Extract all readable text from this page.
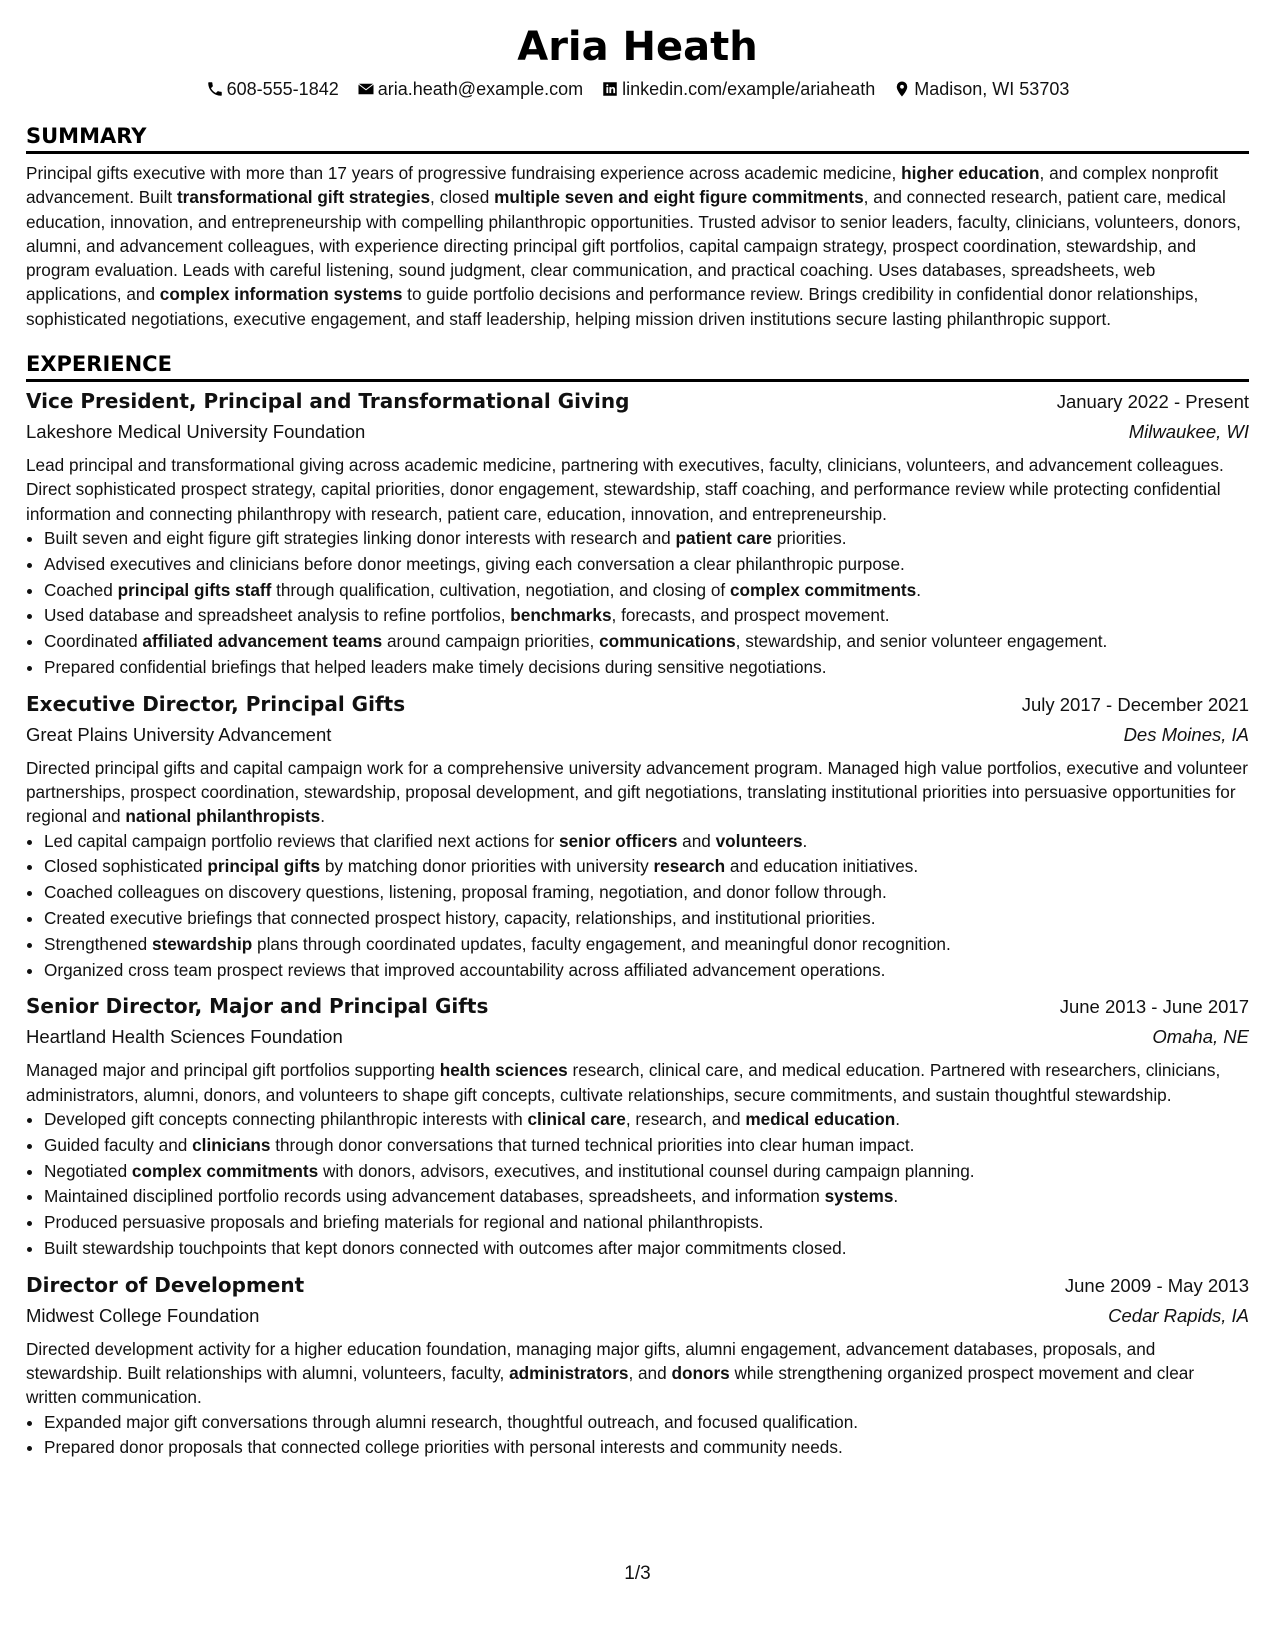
Aria Heath
608-555-1842 aria.heath@example.com linkedin.com/example/ariaheath Madison, WI 53703
SUMMARY

Principal gifts executive with more than 17 years of progressive fundraising experience across academic medicine, higher education, and complex nonprofit advancement. Built transformational gift strategies, closed multiple seven and eight figure commitments, and connected research, patient care, medical education, innovation, and entrepreneurship with compelling philanthropic opportunities. Trusted advisor to senior leaders, faculty, clinicians, volunteers, donors, alumni, and advancement colleagues, with experience directing principal gift portfolios, capital campaign strategy, prospect coordination, stewardship, and program evaluation. Leads with careful listening, sound judgment, clear communication, and practical coaching. Uses databases, spreadsheets, web applications, and complex information systems to guide portfolio decisions and performance review. Brings credibility in confidential donor relationships, sophisticated negotiations, executive engagement, and staff leadership, helping mission driven institutions secure lasting philanthropic support.

EXPERIENCE
Vice President, Principal and Transformational Giving	January 2022 - Present
Lakeshore Medical University Foundation	Milwaukee, WI

Lead principal and transformational giving across academic medicine, partnering with executives, faculty, clinicians, volunteers, and advancement colleagues. Direct sophisticated prospect strategy, capital priorities, donor engagement, stewardship, staff coaching, and performance review while protecting confidential information and connecting philanthropy with research, patient care, education, innovation, and entrepreneurship.

• Built seven and eight figure gift strategies linking donor interests with research and patient care priorities.
• Advised executives and clinicians before donor meetings, giving each conversation a clear philanthropic purpose.
• Coached principal gifts staff through qualification, cultivation, negotiation, and closing of complex commitments.
• Used database and spreadsheet analysis to refine portfolios, benchmarks, forecasts, and prospect movement.
• Coordinated affiliated advancement teams around campaign priorities, communications, stewardship, and senior volunteer engagement.
• Prepared confidential briefings that helped leaders make timely decisions during sensitive negotiations.
Executive Director, Principal Gifts	July 2017 - December 2021
Great Plains University Advancement	Des Moines, IA

Directed principal gifts and capital campaign work for a comprehensive university advancement program. Managed high value portfolios, executive and volunteer partnerships, prospect coordination, stewardship, proposal development, and gift negotiations, translating institutional priorities into persuasive opportunities for regional and national philanthropists.

• Led capital campaign portfolio reviews that clarified next actions for senior officers and volunteers.
• Closed sophisticated principal gifts by matching donor priorities with university research and education initiatives.
• Coached colleagues on discovery questions, listening, proposal framing, negotiation, and donor follow through.
• Created executive briefings that connected prospect history, capacity, relationships, and institutional priorities.
• Strengthened stewardship plans through coordinated updates, faculty engagement, and meaningful donor recognition.
• Organized cross team prospect reviews that improved accountability across affiliated advancement operations.
Senior Director, Major and Principal Gifts	June 2013 - June 2017
Heartland Health Sciences Foundation	Omaha, NE

Managed major and principal gift portfolios supporting health sciences research, clinical care, and medical education. Partnered with researchers, clinicians, administrators, alumni, donors, and volunteers to shape gift concepts, cultivate relationships, secure commitments, and sustain thoughtful stewardship.

• Developed gift concepts connecting philanthropic interests with clinical care, research, and medical education.
• Guided faculty and clinicians through donor conversations that turned technical priorities into clear human impact.
• Negotiated complex commitments with donors, advisors, executives, and institutional counsel during campaign planning.
• Maintained disciplined portfolio records using advancement databases, spreadsheets, and information systems.
• Produced persuasive proposals and briefing materials for regional and national philanthropists.
• Built stewardship touchpoints that kept donors connected with outcomes after major commitments closed.
Director of Development	June 2009 - May 2013
Midwest College Foundation	Cedar Rapids, IA

Directed development activity for a higher education foundation, managing major gifts, alumni engagement, advancement databases, proposals, and stewardship. Built relationships with alumni, volunteers, faculty, administrators, and donors while strengthening organized prospect movement and clear written communication.

• Expanded major gift conversations through alumni research, thoughtful outreach, and focused qualification.
• Prepared donor proposals that connected college priorities with personal interests and community needs.
1/3
